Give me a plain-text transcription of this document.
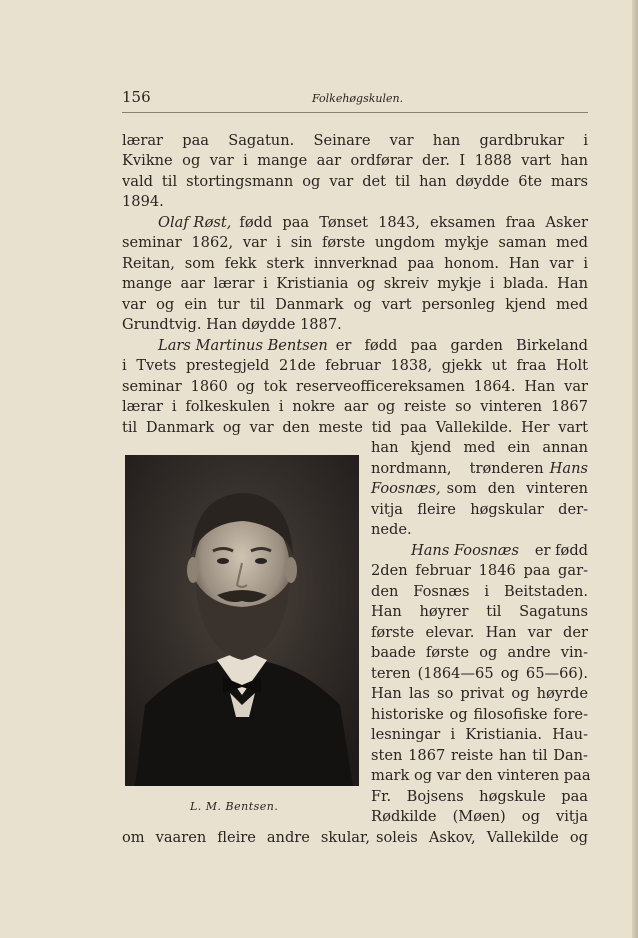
156	Folkehøgskulen.
lærar paa Sagatun. Seinare var han gardbrukar i
Kvikne og var i mange aar ordførar der. I 1888 vart han
vald til stortingsmann og var det til han døydde 6te mars
1894.
Olaf Røst, fødd paa Tønset 1843, eksamen fraa Asker
seminar 1862, var i sin første ungdom mykje saman med
Reitan, som fekk sterk innverknad paa honom. Han var i
mange aar lærar i Kristiania og skreiv mykje i blada. Han
var og ein tur til Danmark og vart personleg kjend med
Grundtvig. Han døydde 1887.
Lars Martinus Bentsen er fødd paa garden Birkeland
i Tvets prestegjeld 21de februar 1838, gjekk ut fraa Holt
seminar 1860 og tok reserveofficereksamen 1864. Han var
lærar i folkeskulen i nokre aar og reiste so vinteren 1867
til Danmark og var den meste tid paa Vallekilde. Her vart
han kjend med ein annan
nordmann, trønderen Hans
Foosnæs, som den vinteren
vitja fleire høgskular der-
nede.
Hans Foosnæs	er fødd
2den februar 1846 paa gar-
den Fosnæs i Beitstaden.
Han høyrer til Sagatuns
første elevar. Han var der
baade første og andre vin-
teren (1864—65 og 65—66).
Han las so privat og høyrde
historiske og filosofiske fore-
lesningar i Kristiania. Hau-
sten 1867 reiste han til Dan-
mark og var den vinteren paa
Fr. Bojsens høgskule paa
Rødkilde (Møen) og vitja
L. M. Bentsen.
om vaaren fleire andre skular, soleis Askov, Vallekilde og
